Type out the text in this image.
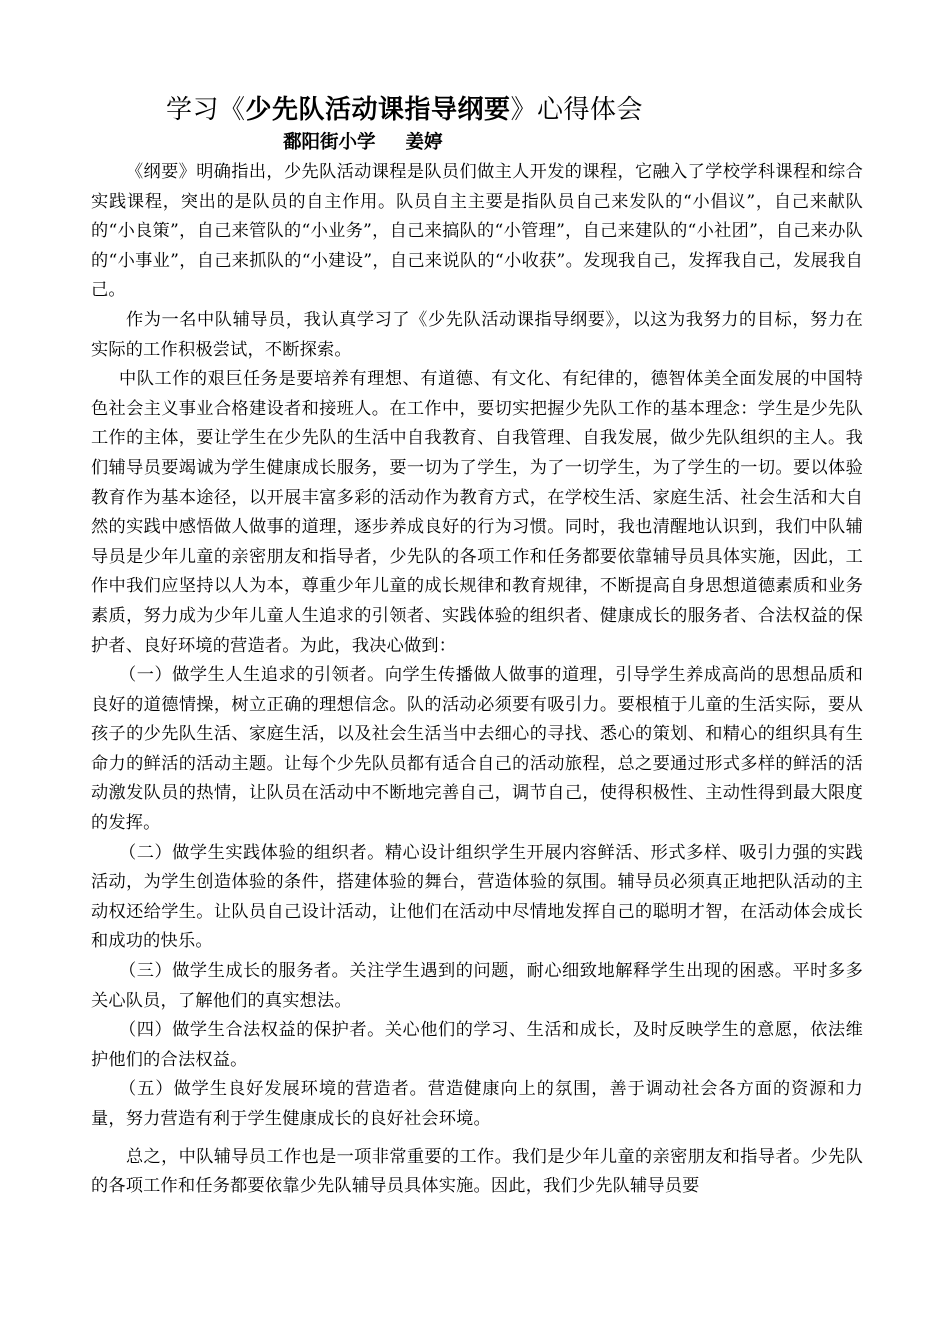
学习《少先队活动课指导纲要》心得体会
鄱阳街小学 姜婷

《纲要》明确指出，少先队活动课程是队员们做主人开发的课程，它融入了学校学科课程和综合实践课程，突出的是队员的自主作用。队员自主主要是指队员自己来发队的“小倡议”，自己来献队的“小良策”，自己来管队的“小业务”，自己来搞队的“小管理”，自己来建队的“小社团”，自己来办队的“小事业”，自己来抓队的“小建设”，自己来说队的“小收获”。发现我自己，发挥我自己，发展我自己。

作为一名中队辅导员，我认真学习了《少先队活动课指导纲要》，以这为我努力的目标，努力在实际的工作积极尝试，不断探索。

中队工作的艰巨任务是要培养有理想、有道德、有文化、有纪律的，德智体美全面发展的中国特色社会主义事业合格建设者和接班人。在工作中，要切实把握少先队工作的基本理念：学生是少先队工作的主体，要让学生在少先队的生活中自我教育、自我管理、自我发展，做少先队组织的主人。我们辅导员要竭诚为学生健康成长服务，要一切为了学生，为了一切学生，为了学生的一切。要以体验教育作为基本途径，以开展丰富多彩的活动作为教育方式，在学校生活、家庭生活、社会生活和大自然的实践中感悟做人做事的道理，逐步养成良好的行为习惯。同时，我也清醒地认识到，我们中队辅导员是少年儿童的亲密朋友和指导者，少先队的各项工作和任务都要依靠辅导员具体实施，因此，工作中我们应坚持以人为本，尊重少年儿童的成长规律和教育规律，不断提高自身思想道德素质和业务素质，努力成为少年儿童人生追求的引领者、实践体验的组织者、健康成长的服务者、合法权益的保护者、良好环境的营造者。为此，我决心做到：

（一）做学生人生追求的引领者。向学生传播做人做事的道理，引导学生养成高尚的思想品质和良好的道德情操，树立正确的理想信念。队的活动必须要有吸引力。要根植于儿童的生活实际，要从孩子的少先队生活、家庭生活，以及社会生活当中去细心的寻找、悉心的策划、和精心的组织具有生命力的鲜活的活动主题。让每个少先队员都有适合自己的活动旅程，总之要通过形式多样的鲜活的活动激发队员的热情，让队员在活动中不断地完善自己，调节自己，使得积极性、主动性得到最大限度的发挥。

（二）做学生实践体验的组织者。精心设计组织学生开展内容鲜活、形式多样、吸引力强的实践活动，为学生创造体验的条件，搭建体验的舞台，营造体验的氛围。辅导员必须真正地把队活动的主动权还给学生。让队员自己设计活动，让他们在活动中尽情地发挥自己的聪明才智，在活动体会成长和成功的快乐。

（三）做学生成长的服务者。关注学生遇到的问题，耐心细致地解释学生出现的困惑。平时多多关心队员，了解他们的真实想法。

（四）做学生合法权益的保护者。关心他们的学习、生活和成长，及时反映学生的意愿，依法维护他们的合法权益。

（五）做学生良好发展环境的营造者。营造健康向上的氛围，善于调动社会各方面的资源和力量，努力营造有利于学生健康成长的良好社会环境。

总之，中队辅导员工作也是一项非常重要的工作。我们是少年儿童的亲密朋友和指导者。少先队的各项工作和任务都要依靠少先队辅导员具体实施。因此，我们少先队辅导员要
